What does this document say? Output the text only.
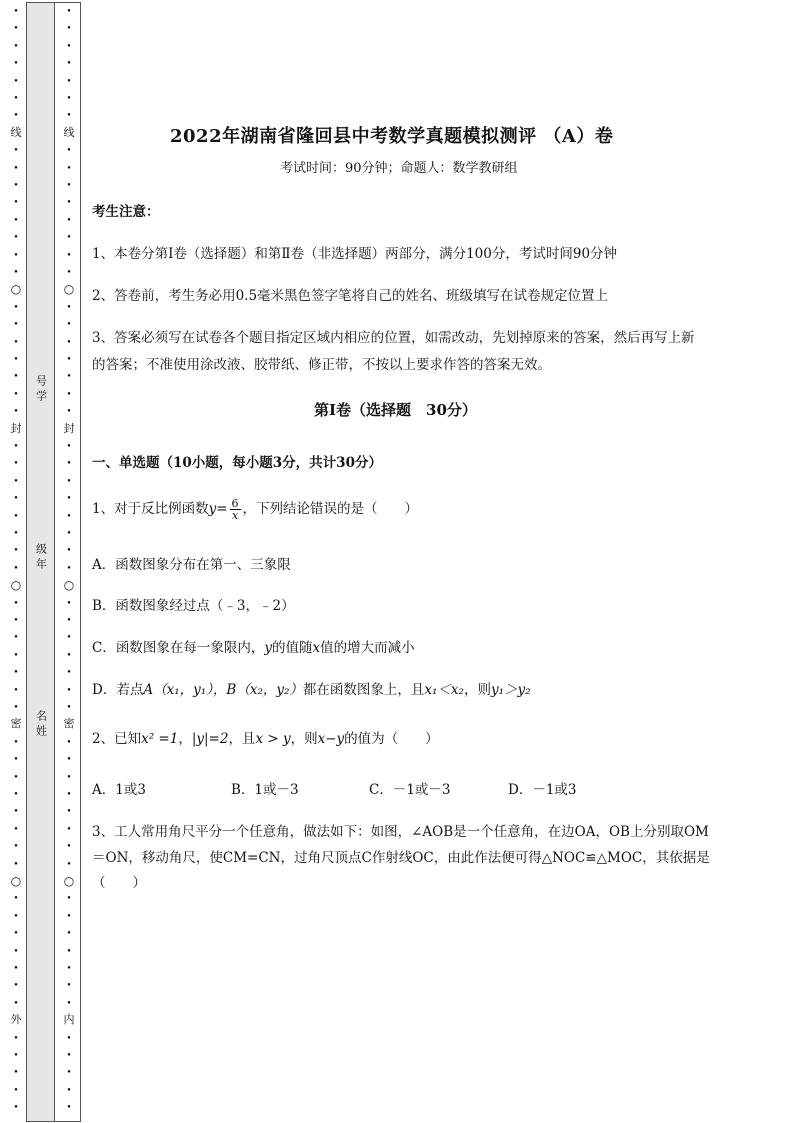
•
•
•
•
•
•
•
线
•
•
•
•
•
•
•
•
○
•
•
•
•
•
•
•
封
•
•
•
•
•
•
•
•
○
•
•
•
•
•
•
•
密
•
•
•
•
•
•
•
•
○
•
•
•
•
•
•
•
外
•
•
•
•
•
•
•
•
•
•
•
•
线
•
•
•
•
•
•
•
•
○
•
•
•
•
•
•
•
封
•
•
•
•
•
•
•
•
○
•
•
•
•
•
•
•
密
•
•
•
•
•
•
•
•
○
•
•
•
•
•
•
•
内
•
•
•
•
•
号学
级年
名姓
2022年湖南省隆回县中考数学真题模拟测评 （A）卷
考试时间：90分钟；命题人：数学教研组
考生注意：
1、本卷分第I卷（选择题）和第Ⅱ卷（非选择题）两部分，满分100分，考试时间90分钟
2、答卷前，考生务必用0.5毫米黑色签字笔将自己的姓名、班级填写在试卷规定位置上
3、答案必须写在试卷各个题目指定区域内相应的位置，如需改动，先划掉原来的答案，然后再写上新
的答案；不准使用涂改液、胶带纸、修正带，不按以上要求作答的答案无效。
第I卷（选择题　30分）
一、单选题（10小题，每小题3分，共计30分）
1、对于反比例函数$y= \frac{6}{x}$ ，下列结论错误的是（　　）
A．函数图象分布在第一、三象限
B．函数图象经过点（﹣3，﹣2）
C．函数图象在每一象限内，y的值随x值的增大而减小
D．若点A（x₁，y₁），B（x₂，y₂）都在函数图象上，且x₁＜x₂，则y₁＞y₂
2、已知x² =1，|y|=2，且x > y，则x−y的值为（　　）
A．1或3	B．1或－3	C．－1或－3	D．－1或3
3、工人常用角尺平分一个任意角，做法如下：如图，∠AOB是一个任意角，在边OA，OB上分别取OM
＝ON，移动角尺，使CM=CN，过角尺顶点C作射线OC，由此作法便可得△NOC≌△MOC，其依据是
（　　）
